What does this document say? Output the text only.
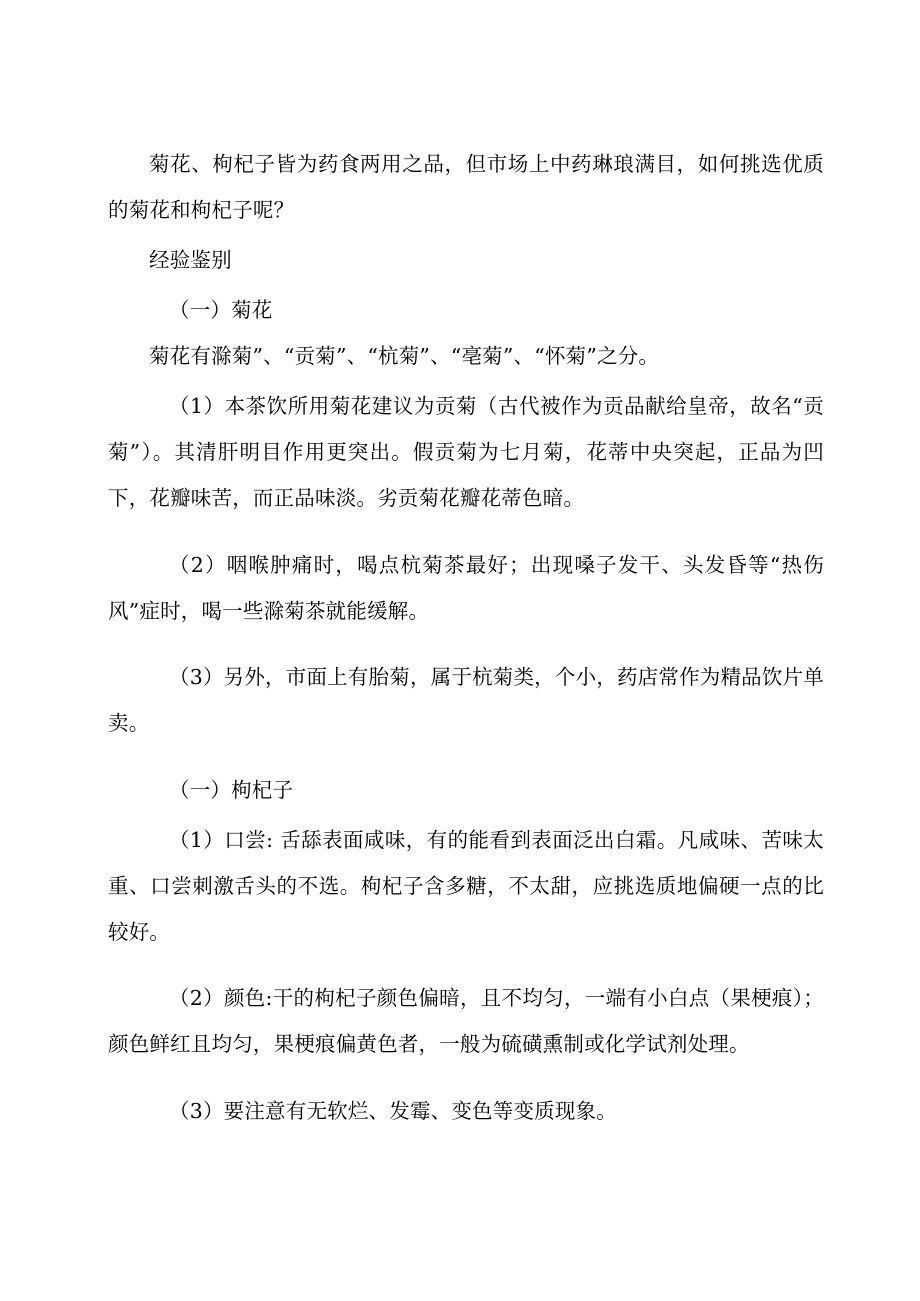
菊花、枸杞子皆为药食两用之品，但市场上中药琳琅满目，如何挑选优质的菊花和枸杞子呢？

经验鉴别
（一）菊花

菊花有滁菊”、“贡菊”、“杭菊”、“亳菊”、“怀菊”之分。

（1）本茶饮所用菊花建议为贡菊（古代被作为贡品献给皇帝，故名“贡菊”）。其清肝明目作用更突出。假贡菊为七月菊，花蒂中央突起，正品为凹下，花瓣味苦，而正品味淡。劣贡菊花瓣花蒂色暗。

（2）咽喉肿痛时，喝点杭菊茶最好；出现嗓子发干、头发昏等“热伤风”症时，喝一些滁菊茶就能缓解。

（3）另外，市面上有胎菊，属于杭菊类，个小，药店常作为精品饮片单卖。

（一）枸杞子

（1）口尝: 舌舔表面咸味，有的能看到表面泛出白霜。凡咸味、苦味太重、口尝刺激舌头的不选。枸杞子含多糖，不太甜，应挑选质地偏硬一点的比较好。

（2）颜色:干的枸杞子颜色偏暗，且不均匀，一端有小白点（果梗痕）；颜色鲜红且均匀，果梗痕偏黄色者，一般为硫磺熏制或化学试剂处理。

（3）要注意有无软烂、发霉、变色等变质现象。
